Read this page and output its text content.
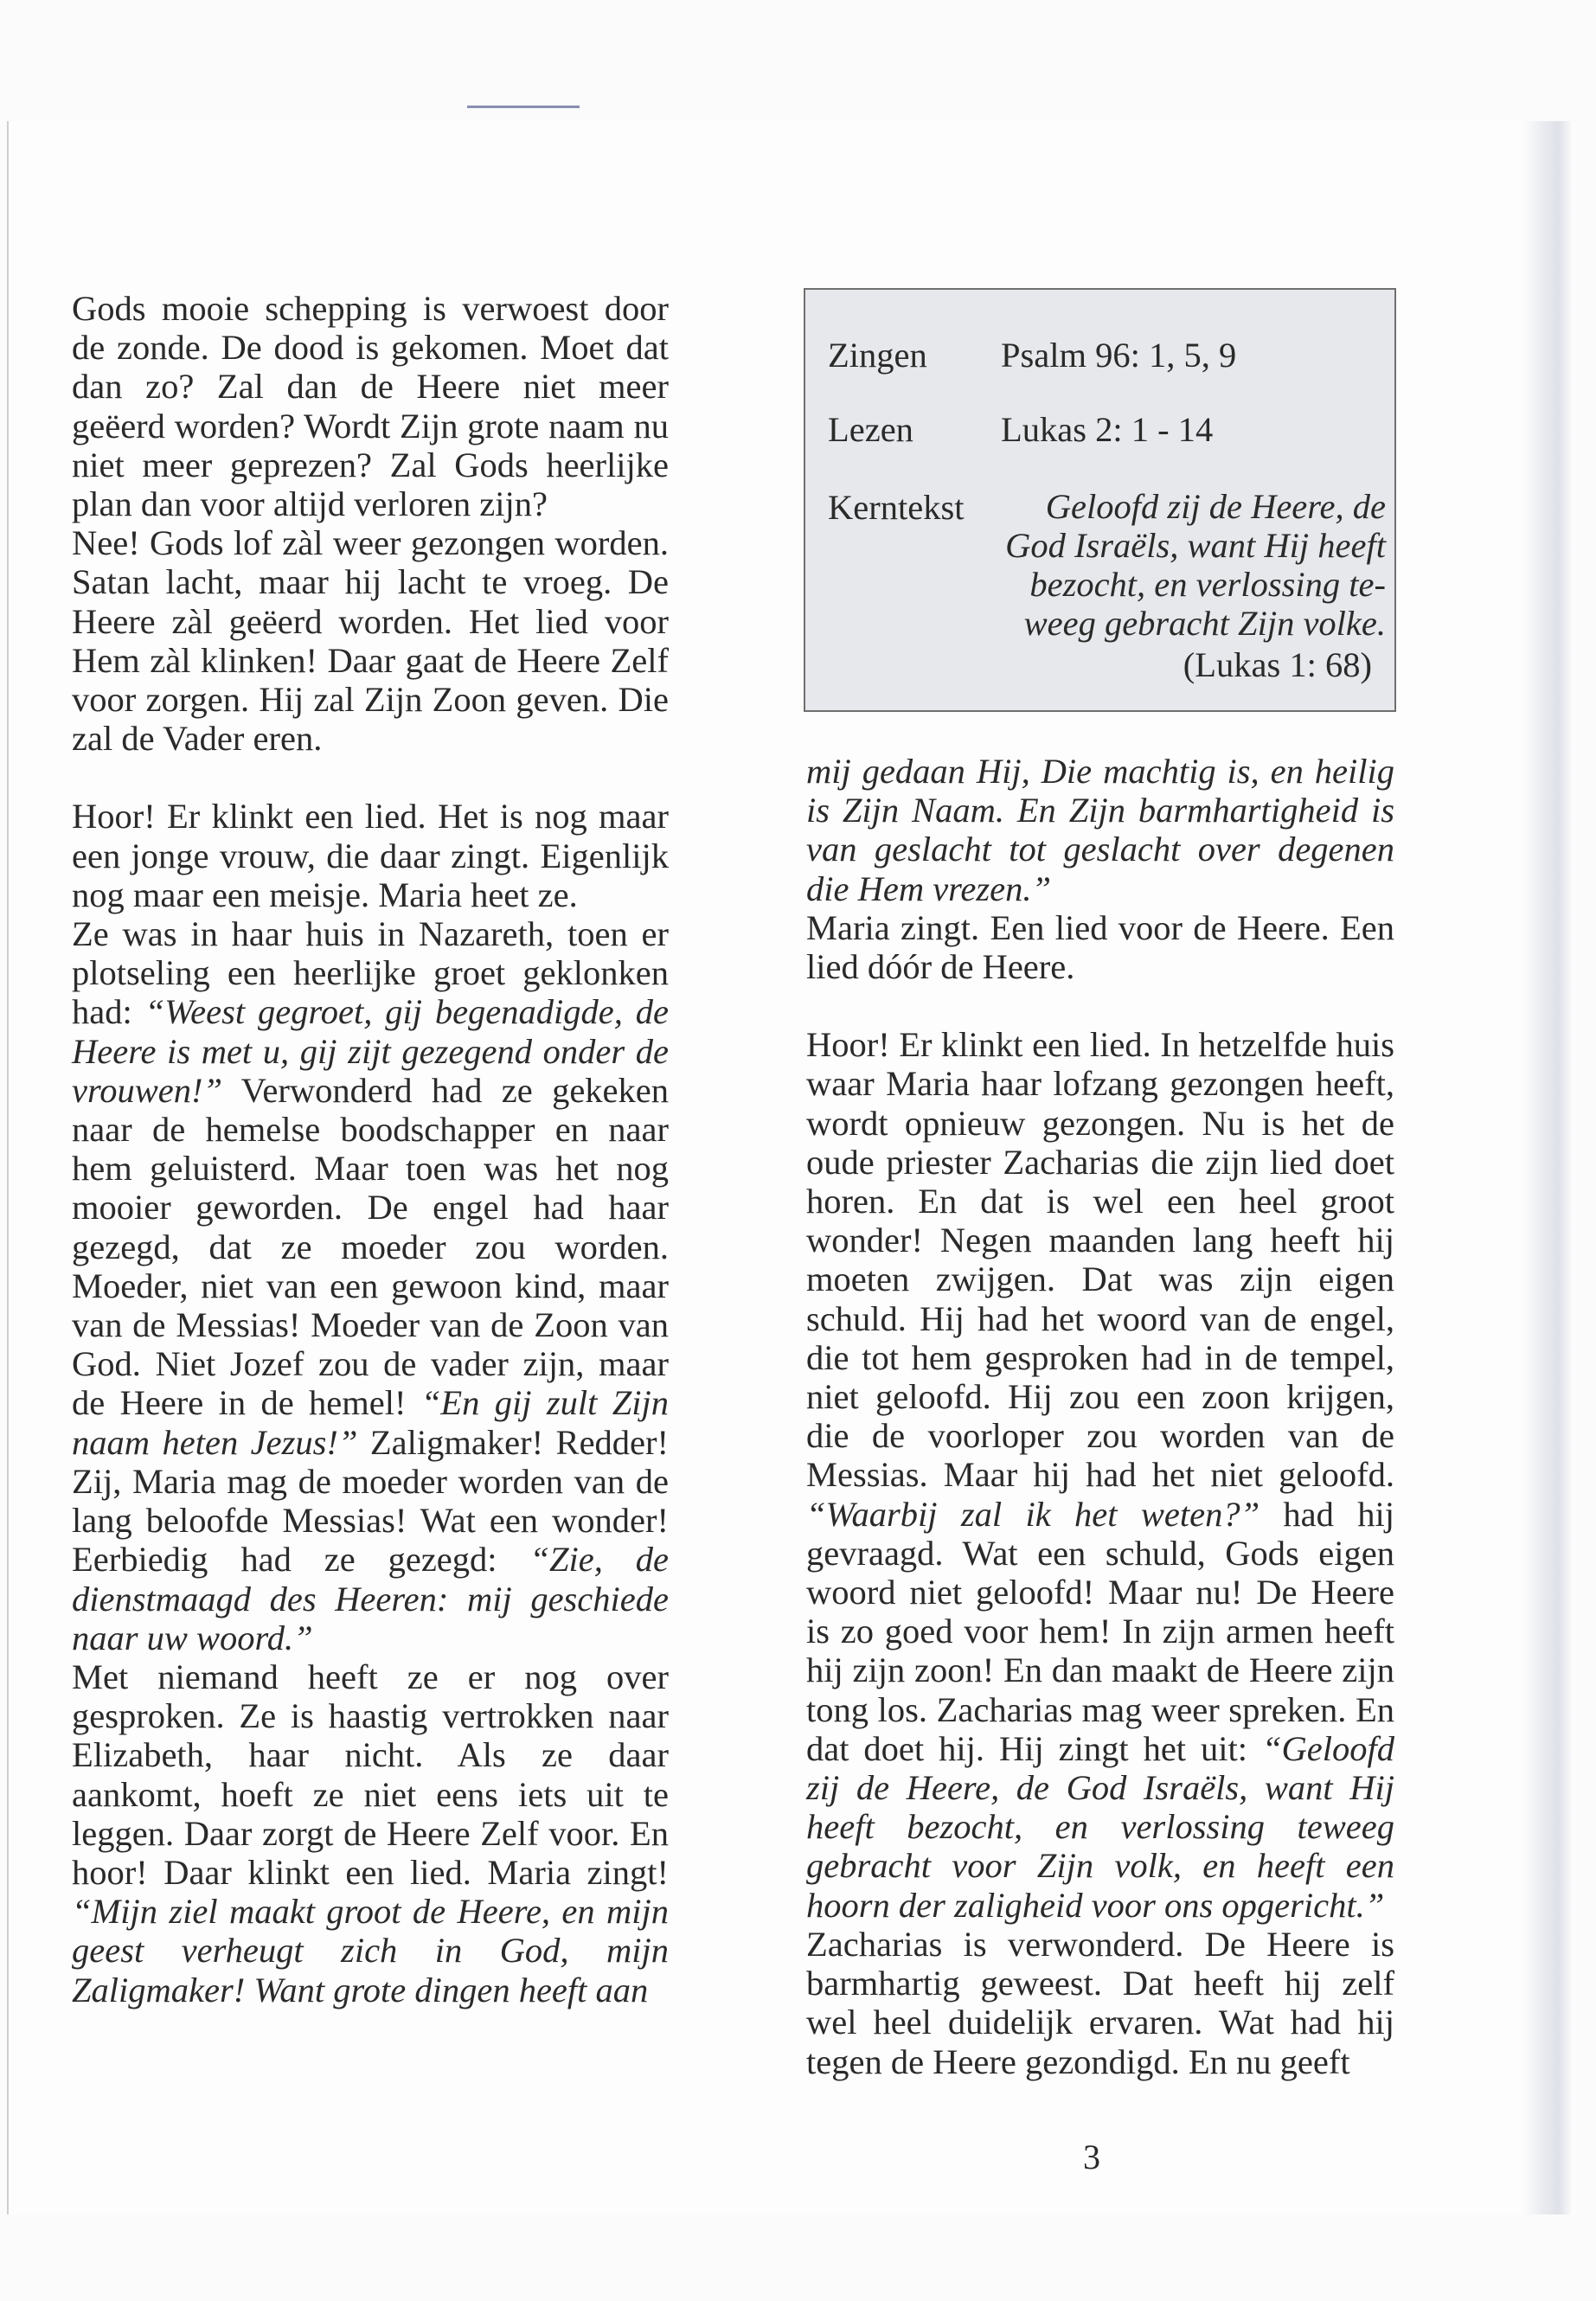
Gods mooie schepping is verwoest door de zonde. De dood is gekomen. Moet dat dan zo? Zal dan de Heere niet meer geëerd worden? Wordt Zijn grote naam nu niet meer geprezen? Zal Gods heerlijke plan dan voor altijd verloren zijn?

Nee! Gods lof zàl weer gezongen worden. Satan lacht, maar hij lacht te vroeg. De Heere zàl geëerd worden. Het lied voor Hem zàl klinken! Daar gaat de Heere Zelf voor zorgen. Hij zal Zijn Zoon geven. Die zal de Vader eren.

Hoor! Er klinkt een lied. Het is nog maar een jonge vrouw, die daar zingt. Eigenlijk nog maar een meisje. Maria heet ze.

Ze was in haar huis in Nazareth, toen er plotseling een heerlijke groet geklonken had: “Weest gegroet, gij begenadigde, de Heere is met u, gij zijt gezegend onder de vrouwen!” Verwonderd had ze gekeken naar de hemelse boodschapper en naar hem geluisterd. Maar toen was het nog mooier geworden. De engel had haar gezegd, dat ze moeder zou worden. Moeder, niet van een gewoon kind, maar van de Messias! Moeder van de Zoon van God. Niet Jozef zou de vader zijn, maar de Heere in de hemel! “En gij zult Zijn naam heten Jezus!” Zaligmaker! Redder! Zij, Maria mag de moeder worden van de lang beloofde Messias! Wat een wonder! Eerbiedig had ze gezegd: “Zie, de dienstmaagd des Heeren: mij geschiede naar uw woord.”

Met niemand heeft ze er nog over gesproken. Ze is haastig vertrokken naar Elizabeth, haar nicht. Als ze daar aankomt, hoeft ze niet eens iets uit te leggen. Daar zorgt de Heere Zelf voor. En hoor! Daar klinkt een lied. Maria zingt! “Mijn ziel maakt groot de Heere, en mijn geest verheugt zich in God, mijn Zaligmaker! Want grote dingen heeft aan

Zingen Psalm 96: 1, 5, 9
Lezen Lukas 2: 1 - 14
Kerntekst	Geloofd zij de Heere, de
God Israëls, want Hij heeft
bezocht, en verlossing te-
weeg gebracht Zijn volke.
(Lukas 1: 68)

mij gedaan Hij, Die machtig is, en heilig is Zijn Naam. En Zijn barmhartigheid is van geslacht tot geslacht over degenen die Hem vrezen.”

Maria zingt. Een lied voor de Heere. Een lied dóór de Heere.

Hoor! Er klinkt een lied. In hetzelfde huis waar Maria haar lofzang gezongen heeft, wordt opnieuw gezongen. Nu is het de oude priester Zacharias die zijn lied doet horen. En dat is wel een heel groot wonder! Negen maanden lang heeft hij moeten zwijgen. Dat was zijn eigen schuld. Hij had het woord van de engel, die tot hem gesproken had in de tempel, niet geloofd. Hij zou een zoon krijgen, die de voorloper zou worden van de Messias. Maar hij had het niet geloofd. “Waarbij zal ik het weten?” had hij gevraagd. Wat een schuld, Gods eigen woord niet geloofd! Maar nu! De Heere is zo goed voor hem! In zijn armen heeft hij zijn zoon! En dan maakt de Heere zijn tong los. Zacharias mag weer spreken. En dat doet hij. Hij zingt het uit: “Geloofd zij de Heere, de God Israëls, want Hij heeft bezocht, en verlossing teweeg gebracht voor Zijn volk, en heeft een hoorn der zaligheid voor ons opgericht.”

Zacharias is verwonderd. De Heere is barmhartig geweest. Dat heeft hij zelf wel heel duidelijk ervaren. Wat had hij tegen de Heere gezondigd. En nu geeft

3
